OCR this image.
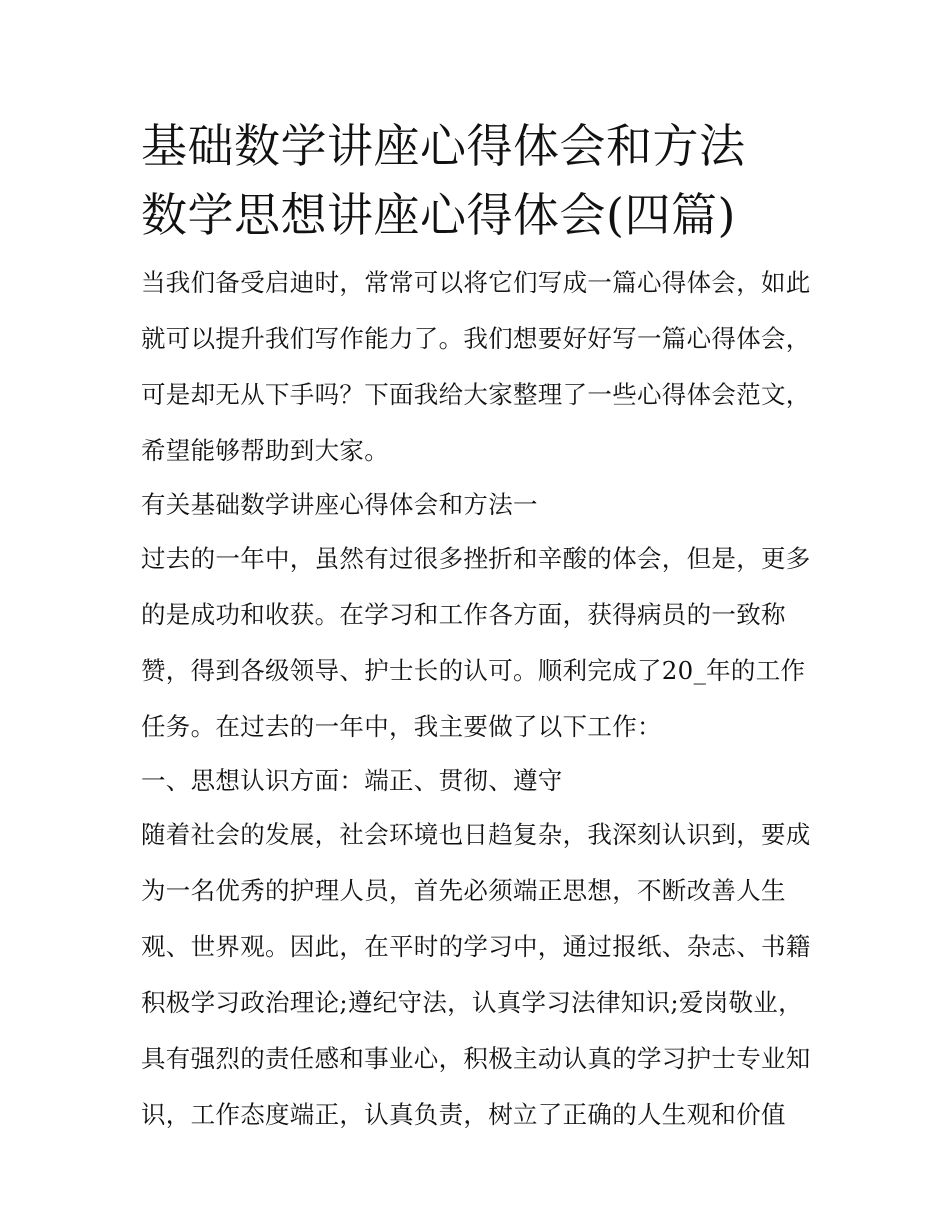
基础数学讲座心得体会和方法
数学思想讲座心得体会(四篇)
当我们备受启迪时，常常可以将它们写成一篇心得体会，如此
就可以提升我们写作能力了。我们想要好好写一篇心得体会，
可是却无从下手吗？下面我给大家整理了一些心得体会范文，
希望能够帮助到大家。
有关基础数学讲座心得体会和方法一
过去的一年中，虽然有过很多挫折和辛酸的体会，但是，更多
的是成功和收获。在学习和工作各方面，获得病员的一致称
赞，得到各级领导、护士长的认可。顺利完成了20_年的工作
任务。在过去的一年中，我主要做了以下工作：
一、思想认识方面：端正、贯彻、遵守
随着社会的发展，社会环境也日趋复杂，我深刻认识到，要成
为一名优秀的护理人员，首先必须端正思想，不断改善人生
观、世界观。因此，在平时的学习中，通过报纸、杂志、书籍
积极学习政治理论;遵纪守法，认真学习法律知识;爱岗敬业，
具有强烈的责任感和事业心，积极主动认真的学习护士专业知
识，工作态度端正，认真负责，树立了正确的人生观和价值
